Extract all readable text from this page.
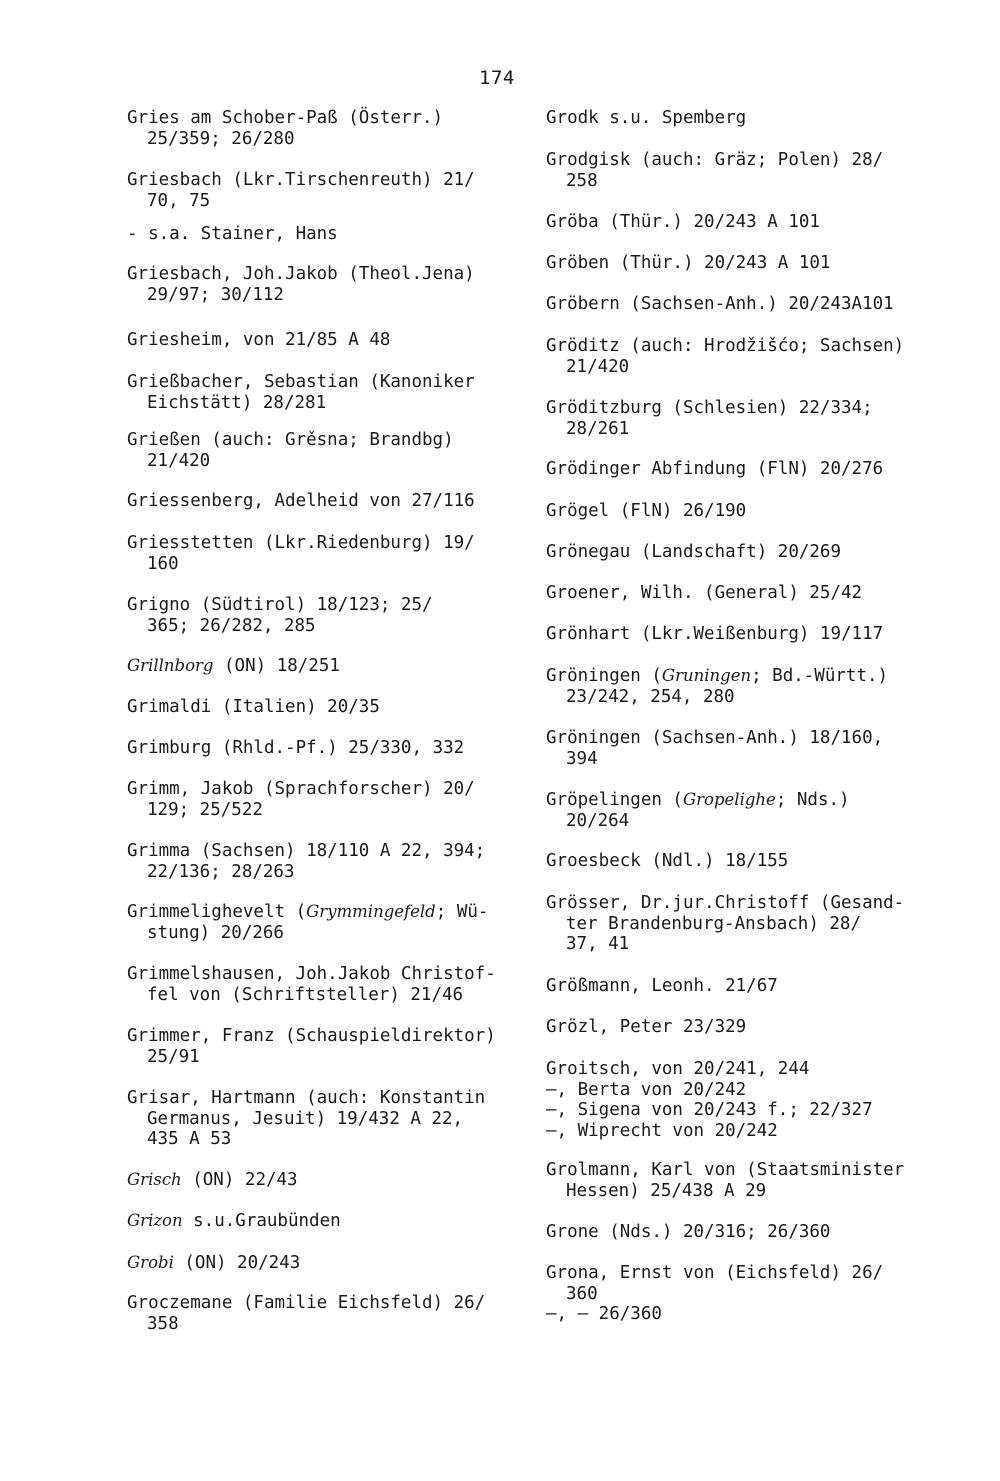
174
Gries am Schober-Paß (Österr.)
25/359; 26/280
Griesbach (Lkr.Tirschenreuth) 21/
70, 75
- s.a. Stainer, Hans
Griesbach, Joh.Jakob (Theol.Jena)
29/97; 30/112
Griesheim, von 21/85 A 48
Grießbacher, Sebastian (Kanoniker
Eichstätt) 28/281
Grießen (auch: Grěsna; Brandbg)
21/420
Griessenberg, Adelheid von 27/116
Griesstetten (Lkr.Riedenburg) 19/
160
Grigno (Südtirol) 18/123; 25/
365; 26/282, 285
Grillnborg (ON) 18/251
Grimaldi (Italien) 20/35
Grimburg (Rhld.-Pf.) 25/330, 332
Grimm, Jakob (Sprachforscher) 20/
129; 25/522
Grimma (Sachsen) 18/110 A 22, 394;
22/136; 28/263
Grimmelighevelt (Grymmingefeld; Wü-
stung) 20/266
Grimmelshausen, Joh.Jakob Christof-
fel von (Schriftsteller) 21/46
Grimmer, Franz (Schauspieldirektor)
25/91
Grisar, Hartmann (auch: Konstantin
Germanus, Jesuit) 19/432 A 22,
435 A 53
Grisch (ON) 22/43
Grizon s.u.Graubünden
Grobi (ON) 20/243
Groczemane (Familie Eichsfeld) 26/
358
Grodk s.u. Spemberg
Grodgisk (auch: Gräz; Polen) 28/
258
Gröba (Thür.) 20/243 A 101
Gröben (Thür.) 20/243 A 101
Gröbern (Sachsen-Anh.) 20/243A101
Gröditz (auch: Hrodžišćo; Sachsen)
21/420
Gröditzburg (Schlesien) 22/334;
28/261
Grödinger Abfindung (FlN) 20/276
Grögel (FlN) 26/190
Grönegau (Landschaft) 20/269
Groener, Wilh. (General) 25/42
Grönhart (Lkr.Weißenburg) 19/117
Gröningen (Gruningen; Bd.-Württ.)
23/242, 254, 280
Gröningen (Sachsen-Anh.) 18/160,
394
Gröpelingen (Gropelighe; Nds.)
20/264
Groesbeck (Ndl.) 18/155
Grösser, Dr.jur.Christoff (Gesand-
ter Brandenburg-Ansbach) 28/
37, 41
Größmann, Leonh. 21/67
Grözl, Peter 23/329
Groitsch, von 20/241, 244
—, Berta von 20/242
—, Sigena von 20/243 f.; 22/327
—, Wiprecht von 20/242
Grolmann, Karl von (Staatsminister
Hessen) 25/438 A 29
Grone (Nds.) 20/316; 26/360
Grona, Ernst von (Eichsfeld) 26/
360
—, — 26/360
